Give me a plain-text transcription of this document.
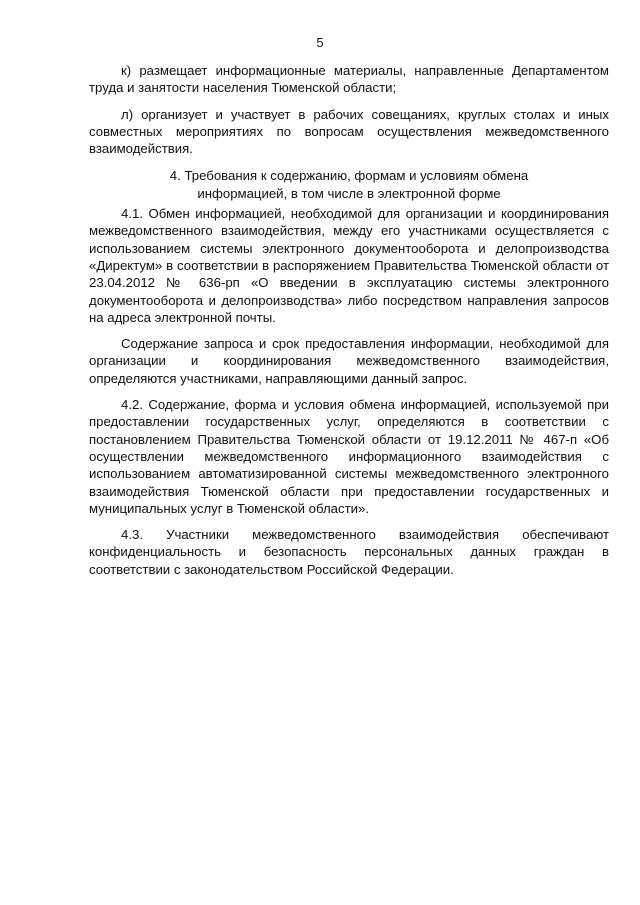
5

к) размещает информационные материалы, направленные Департаментом труда и занятости населения Тюменской области;

л) организует и участвует в рабочих совещаниях, круглых столах и иных совместных мероприятиях по вопросам осуществления межведомственного взаимодействия.

4. Требования к содержанию, формам и условиям обмена
информацией, в том числе в электронной форме

4.1. Обмен информацией, необходимой для организации и координирования межведомственного взаимодействия, между его участниками осуществляется с использованием системы электронного документооборота и делопроизводства «Директум» в соответствии в распоряжением Правительства Тюменской области от 23.04.2012 № 636-рп «О введении в эксплуатацию системы электронного документооборота и делопроизводства» либо посредством направления запросов на адреса электронной почты.

Содержание запроса и срок предоставления информации, необходимой для организации и координирования межведомственного взаимодействия, определяются участниками, направляющими данный запрос.

4.2. Содержание, форма и условия обмена информацией, используемой при предоставлении государственных услуг, определяются в соответствии с постановлением Правительства Тюменской области от 19.12.2011 № 467-п «Об осуществлении межведомственного информационного взаимодействия с использованием автоматизированной системы межведомственного электронного взаимодействия Тюменской области при предоставлении государственных и муниципальных услуг в Тюменской области».

4.3. Участники межведомственного взаимодействия обеспечивают конфиденциальность и безопасность персональных данных граждан в соответствии с законодательством Российской Федерации.
